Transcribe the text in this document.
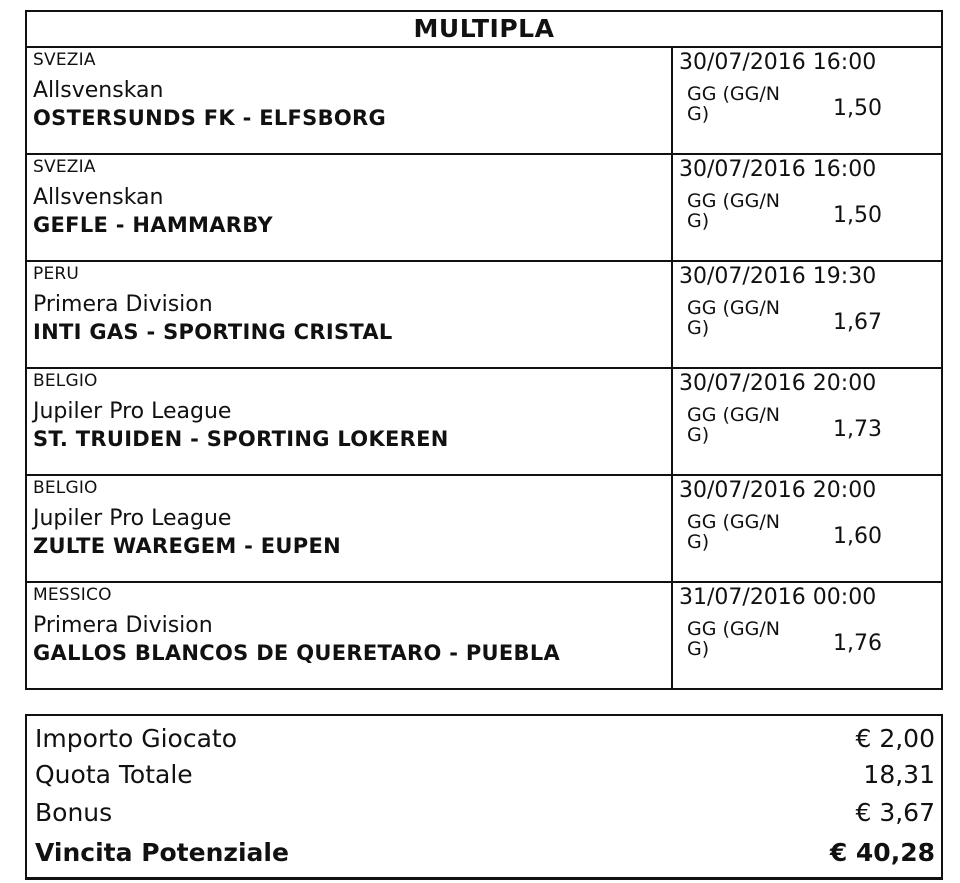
MULTIPLA
SVEZIA
Allsvenskan
OSTERSUNDS FK - ELFSBORG
30/07/2016 16:00
GG (GG/NG)	1,50
SVEZIA
Allsvenskan
GEFLE - HAMMARBY
30/07/2016 16:00
GG (GG/NG)	1,50
PERU
Primera Division
INTI GAS - SPORTING CRISTAL
30/07/2016 19:30
GG (GG/NG)	1,67
BELGIO
Jupiler Pro League
ST. TRUIDEN - SPORTING LOKEREN
30/07/2016 20:00
GG (GG/NG)	1,73
BELGIO
Jupiler Pro League
ZULTE WAREGEM - EUPEN
30/07/2016 20:00
GG (GG/NG)	1,60
MESSICO
Primera Division
GALLOS BLANCOS DE QUERETARO - PUEBLA
31/07/2016 00:00
GG (GG/NG)	1,76
Importo Giocato	€ 2,00
Quota Totale	18,31
Bonus	€ 3,67
Vincita Potenziale	€ 40,28
